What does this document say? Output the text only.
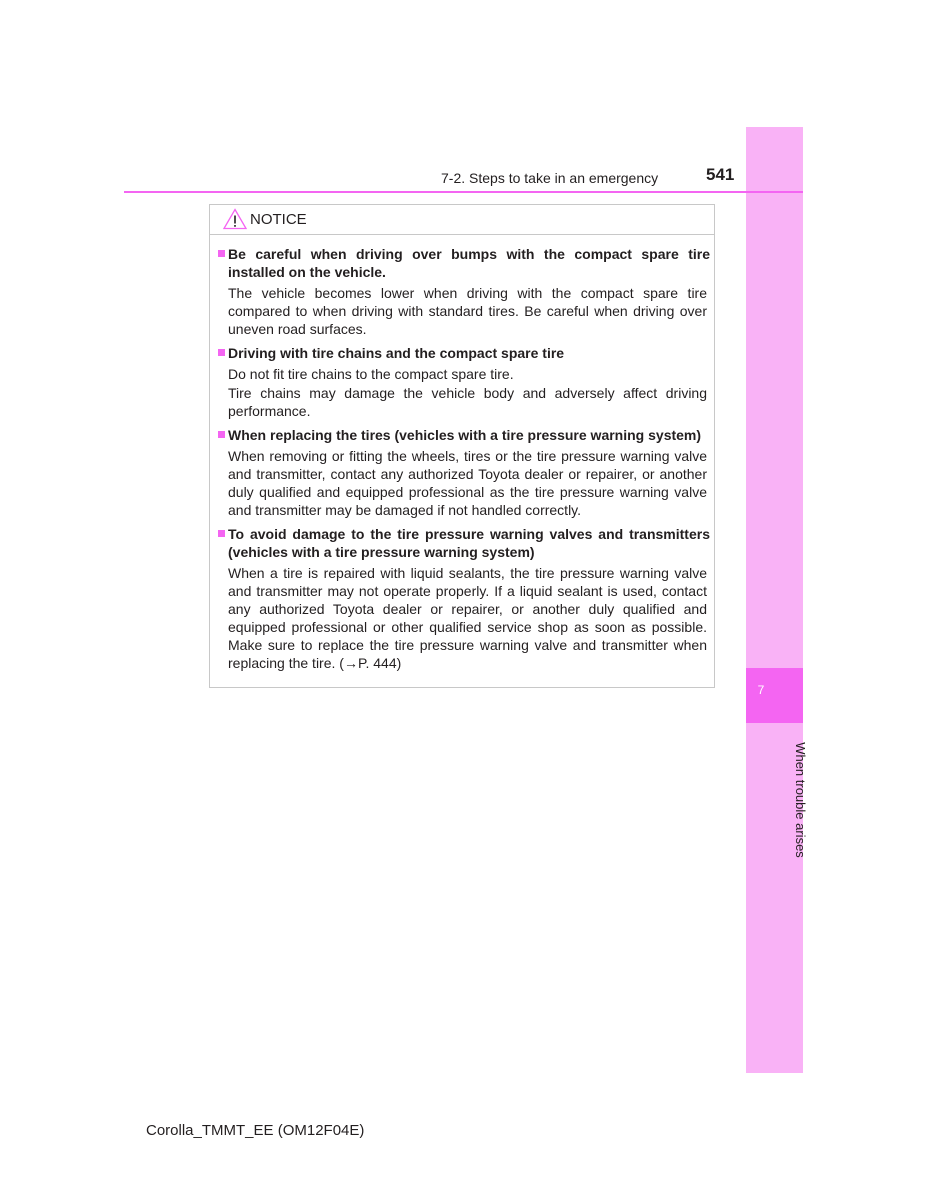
7
When trouble arises
7-2. Steps to take in an emergency	541
NOTICE
Be careful when driving over bumps with the compact spare tire installed on the vehicle.
The vehicle becomes lower when driving with the compact spare tire compared to when driving with standard tires. Be careful when driving over uneven road surfaces.
Driving with tire chains and the compact spare tire
Do not fit tire chains to the compact spare tire.
Tire chains may damage the vehicle body and adversely affect driving performance.
When replacing the tires (vehicles with a tire pressure warning system)
When removing or fitting the wheels, tires or the tire pressure warning valve and transmitter, contact any authorized Toyota dealer or repairer, or another duly qualified and equipped professional as the tire pressure warning valve and transmitter may be damaged if not handled correctly.
To avoid damage to the tire pressure warning valves and transmitters (vehicles with a tire pressure warning system)
When a tire is repaired with liquid sealants, the tire pressure warning valve and transmitter may not operate properly. If a liquid sealant is used, contact any authorized Toyota dealer or repairer, or another duly qualified and equipped professional or other qualified service shop as soon as possible. Make sure to replace the tire pressure warning valve and transmitter when replacing the tire. (→P. 444)
Corolla_TMMT_EE (OM12F04E)
